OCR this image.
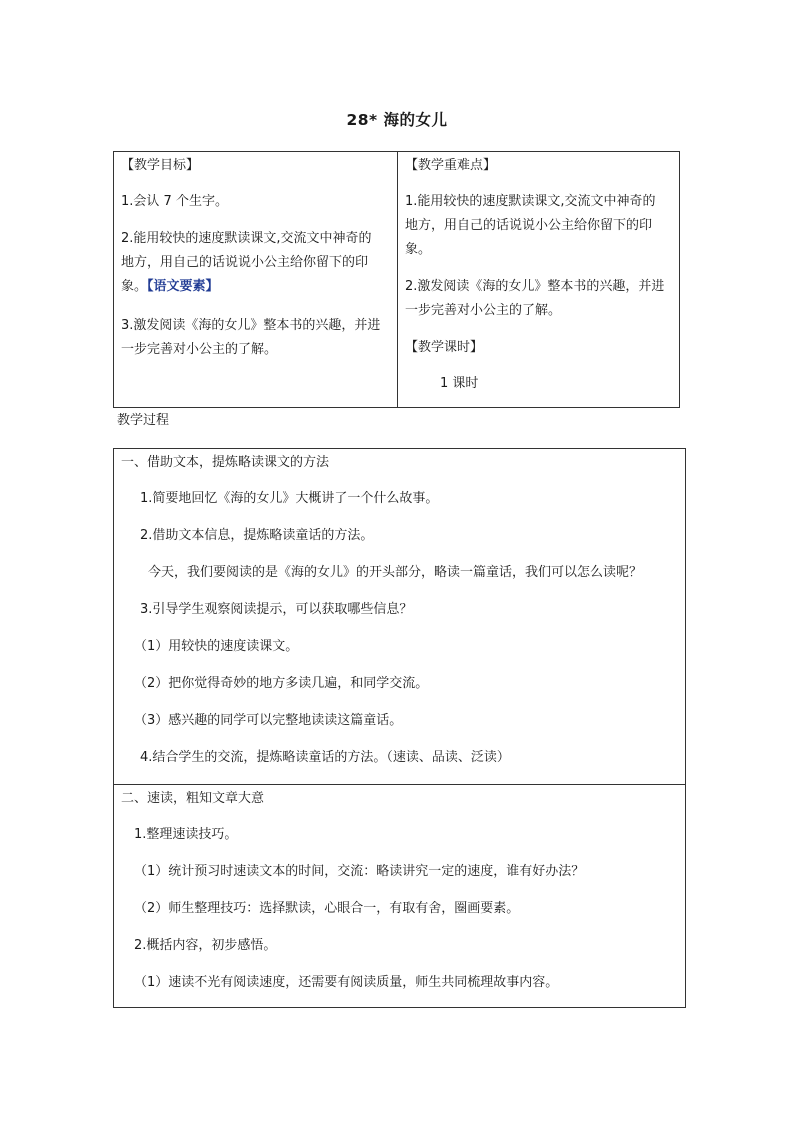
28* 海的女儿
【教学目标】
1.会认 7 个生字。
2.能用较快的速度默读课文,交流文中神奇的
地方，用自己的话说说小公主给你留下的印
象。【语文要素】
3.激发阅读《海的女儿》整本书的兴趣，并进
一步完善对小公主的了解。
【教学重难点】
1.能用较快的速度默读课文,交流文中神奇的
地方，用自己的话说说小公主给你留下的印
象。
2.激发阅读《海的女儿》整本书的兴趣，并进
一步完善对小公主的了解。
【教学课时】
1 课时
教学过程
一、借助文本，提炼略读课文的方法
1.简要地回忆《海的女儿》大概讲了一个什么故事。
2.借助文本信息，提炼略读童话的方法。
今天，我们要阅读的是《海的女儿》的开头部分，略读一篇童话，我们可以怎么读呢？
3.引导学生观察阅读提示，可以获取哪些信息？
（1）用较快的速度读课文。
（2）把你觉得奇妙的地方多读几遍，和同学交流。
（3）感兴趣的同学可以完整地读读这篇童话。
4.结合学生的交流，提炼略读童话的方法。（速读、品读、泛读）
二、速读，粗知文章大意
1.整理速读技巧。
（1）统计预习时速读文本的时间，交流：略读讲究一定的速度，谁有好办法？
（2）师生整理技巧：选择默读，心眼合一，有取有舍，圈画要素。
2.概括内容，初步感悟。
（1）速读不光有阅读速度，还需要有阅读质量，师生共同梳理故事内容。
